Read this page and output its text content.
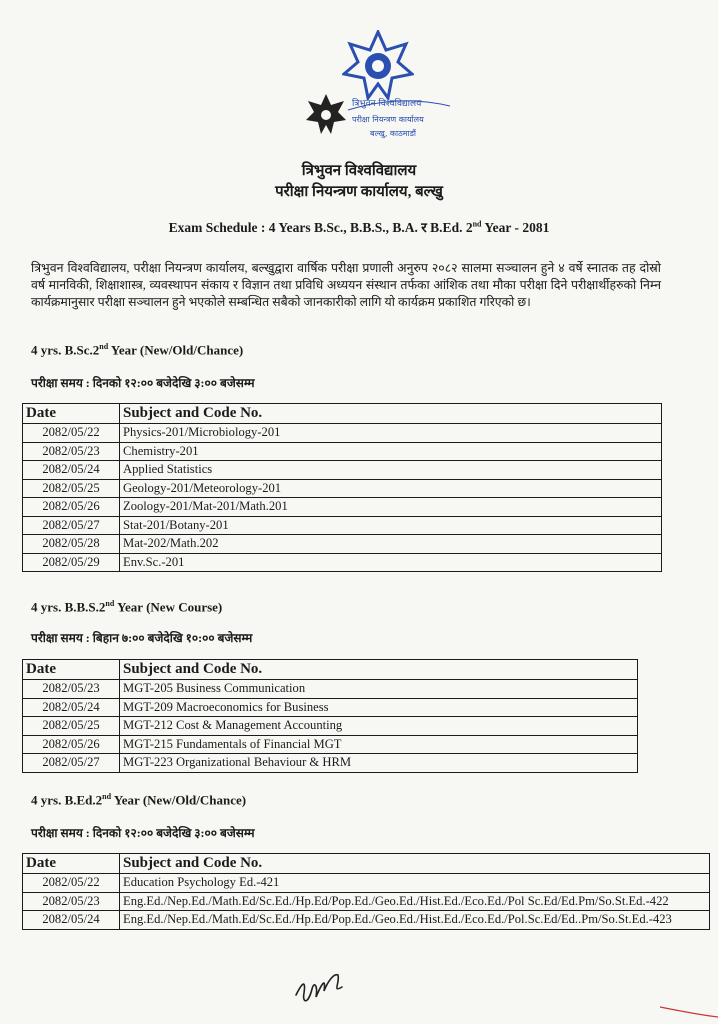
त्रिभुवन विश्वविद्यालय
परीक्षा नियन्त्रण कार्यालय
बल्खु, काठमाडौं
त्रिभुवन विश्वविद्यालय
परीक्षा नियन्त्रण कार्यालय, बल्खु
Exam Schedule : 4 Years B.Sc., B.B.S., B.A. र B.Ed. 2nd Year - 2081
त्रिभुवन विश्वविद्यालय, परीक्षा नियन्त्रण कार्यालय, बल्खुद्वारा वार्षिक परीक्षा प्रणाली अनुरुप २०८२ सालमा सञ्चालन हुने ४ वर्षे स्नातक तह दोस्रो वर्ष मानविकी, शिक्षाशास्त्र, व्यवस्थापन संकाय र विज्ञान तथा प्रविधि अध्ययन संस्थान तर्फका आंशिक तथा मौका परीक्षा दिने परीक्षार्थीहरुको निम्न कार्यक्रमानुसार परीक्षा सञ्चालन हुने भएकोले सम्बन्धित सबैको जानकारीको लागि यो कार्यक्रम प्रकाशित गरिएको छ।
4 yrs. B.Sc.2nd Year (New/Old/Chance)
परीक्षा समय : दिनको १२:०० बजेदेखि ३:०० बजेसम्म
Date	Subject and Code No.
2082/05/22	Physics-201/Microbiology-201
2082/05/23	Chemistry-201
2082/05/24	Applied Statistics
2082/05/25	Geology-201/Meteorology-201
2082/05/26	Zoology-201/Mat-201/Math.201
2082/05/27	Stat-201/Botany-201
2082/05/28	Mat-202/Math.202
2082/05/29	Env.Sc.-201
4 yrs. B.B.S.2nd Year (New Course)
परीक्षा समय : बिहान ७:०० बजेदेखि १०:०० बजेसम्म
Date	Subject and Code No.
2082/05/23	MGT-205 Business Communication
2082/05/24	MGT-209 Macroeconomics for Business
2082/05/25	MGT-212 Cost & Management Accounting
2082/05/26	MGT-215 Fundamentals of Financial MGT
2082/05/27	MGT-223 Organizational Behaviour & HRM
4 yrs. B.Ed.2nd Year (New/Old/Chance)
परीक्षा समय : दिनको १२:०० बजेदेखि ३:०० बजेसम्म
Date	Subject and Code No.
2082/05/22	Education Psychology Ed.-421
2082/05/23	Eng.Ed./Nep.Ed./Math.Ed/Sc.Ed./Hp.Ed/Pop.Ed./Geo.Ed./Hist.Ed./Eco.Ed./Pol Sc.Ed/Ed.Pm/So.St.Ed.-422
2082/05/24	Eng.Ed./Nep.Ed./Math.Ed/Sc.Ed./Hp.Ed/Pop.Ed./Geo.Ed./Hist.Ed./Eco.Ed./Pol.Sc.Ed/Ed..Pm/So.St.Ed.-423
